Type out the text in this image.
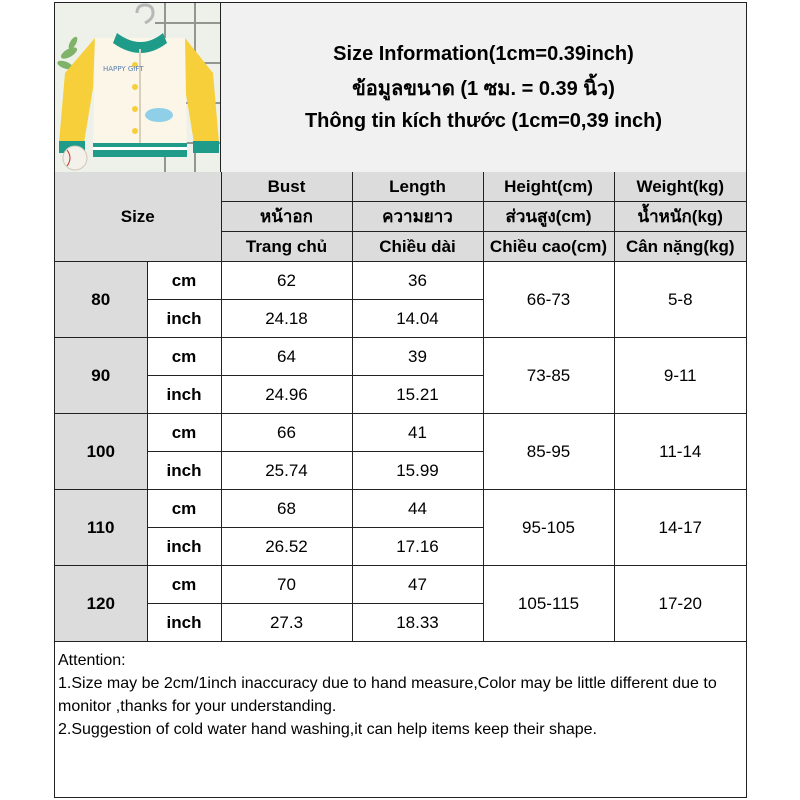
HAPPY GIFT
Size Information(1cm=0.39inch)
ข้อมูลขนาด (1 ซม. = 0.39 นิ้ว)
Thông tin kích thước (1cm=0,39 inch)
Size		Bust	Length	Height(cm)	Weight(kg)
		หน้าอก	ความยาว	ส่วนสูง(cm)	น้ำหนัก(kg)
		Trang chủ	Chiều dài	Chiều cao(cm)	Cân nặng(kg)
80	cm	62	36	66-73	5-8
	inch	24.18	14.04		
90	cm	64	39	73-85	9-11
	inch	24.96	15.21		
100	cm	66	41	85-95	11-14
	inch	25.74	15.99		
110	cm	68	44	95-105	14-17
	inch	26.52	17.16		
120	cm	70	47	105-115	17-20
	inch	27.3	18.33		
Attention:
1.Size may be 2cm/1inch inaccuracy due to hand measure,Color may be little different due to monitor ,thanks for your understanding.
2.Suggestion of cold water hand washing,it can help items keep their shape.
